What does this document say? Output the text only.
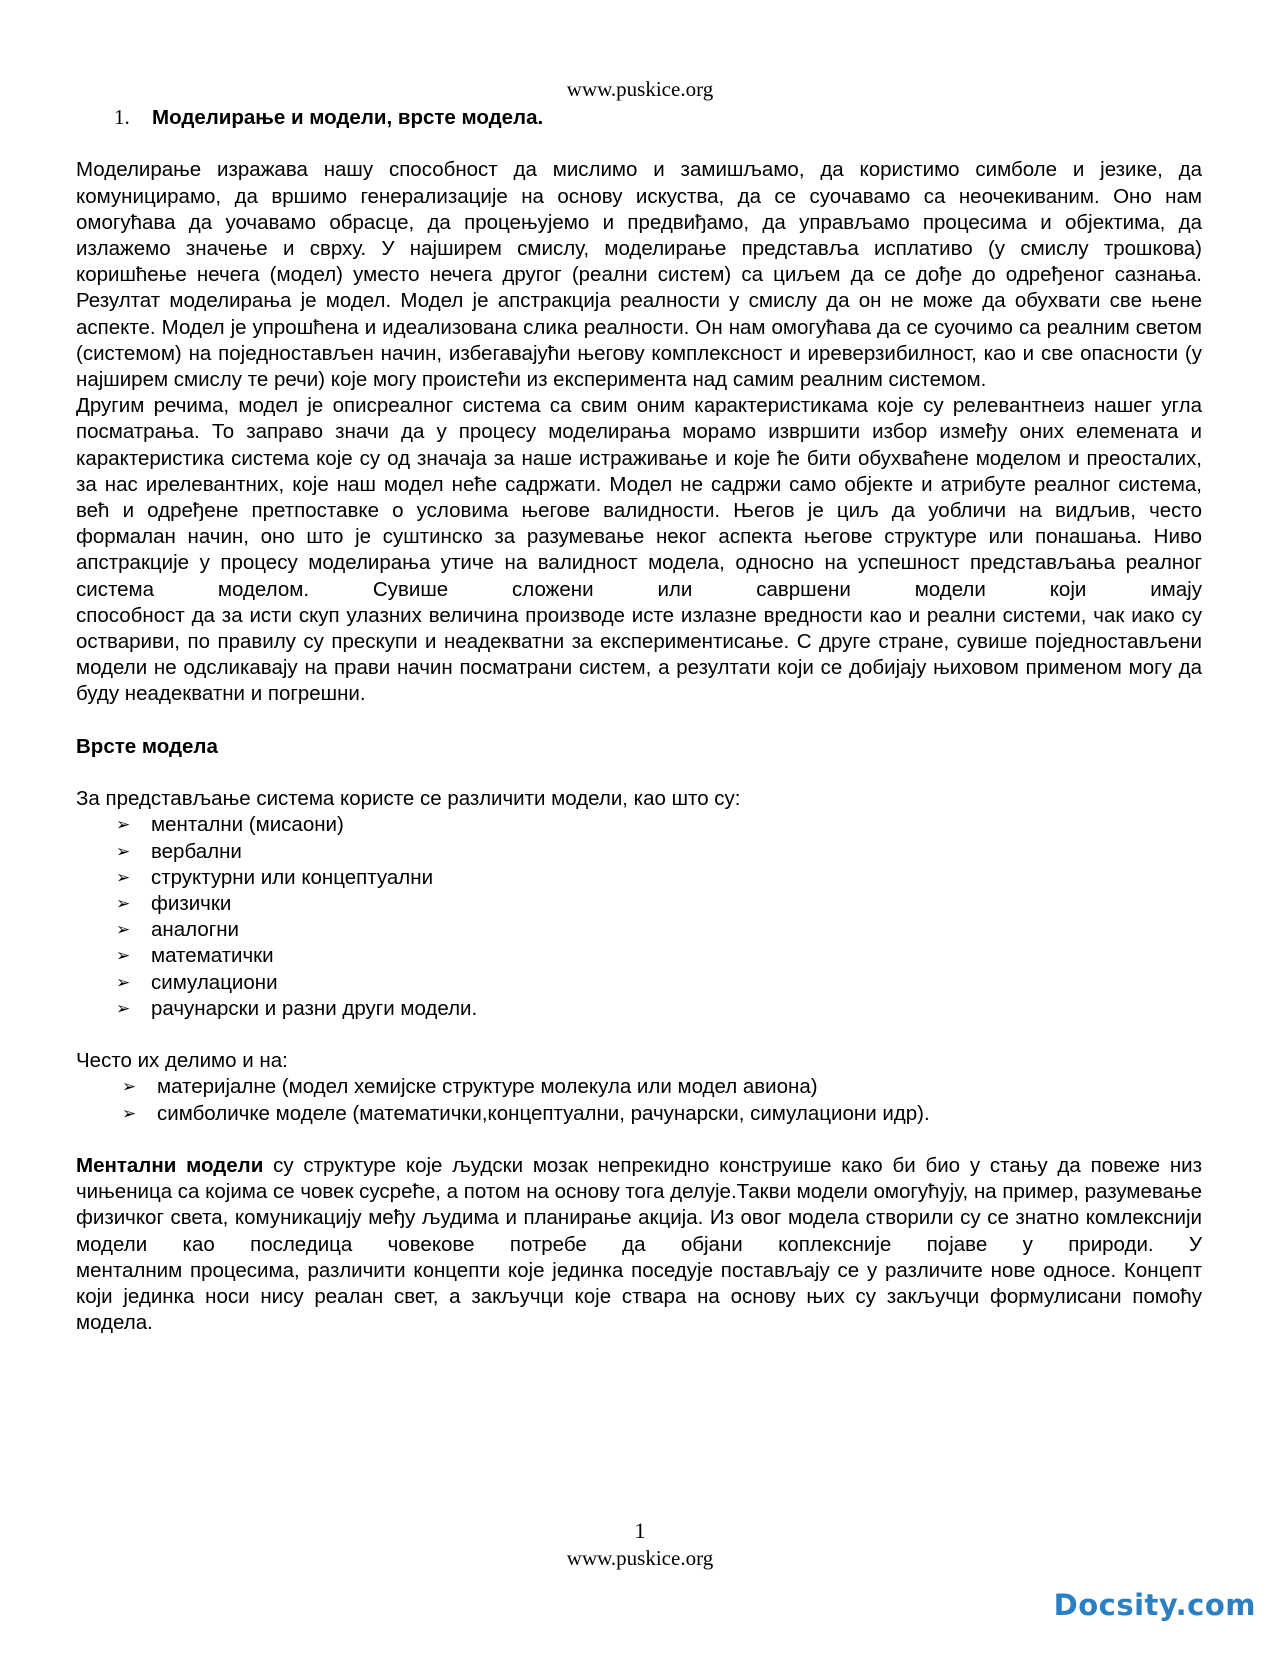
www.puskice.org
1.	Моделирање и модели, врсте модела.

Моделирање изражава нашу способност да мислимо и замишљамо, да користимо симболе и језике, да комуницирамо, да вршимо генерализације на основу искуства, да се суочавамо са неочекиваним. Оно нам омогућава да уочавамо обрасце, да процењујемо и предвиђамо, да управљамо процесима и објектима, да излажемо значење и сврху. У најширем смислу, моделирање представља исплативо (у смислу трошкова) коришћење нечега (модел) уместо нечега другог (реални систем) са циљем да се дође до одређеног сазнања. Резултат моделирања је модел. Модел је апстракција реалности у смислу да он не може да обухвати све њене аспекте. Модел је упрошћена и идеализована слика реалности. Он нам омогућава да се суочимо са реалним светом (системом) на поједностављен начин, избегавајући његову комплексност и иреверзибилност, као и све опасности (у најширем смислу те речи) које могу проистећи из експеримента над самим реалним системом.

Другим речима, модел је описреалног система са свим оним карактеристикама које су релевантнеиз нашег угла посматрања. То заправо значи да у процесу моделирања морамо извршити избор између оних елемената и карактеристика система које су од значаја за наше истраживање и које ће бити обухваћене моделом и преосталих, за нас ирелевантних, које наш модел неће садржати. Модел не садржи само објекте и атрибуте реалног система, већ и одређене претпоставке о условима његове валидности. Његов је циљ да уобличи на видљив, често

формалан начин, оно што је суштинско за разумевање неког аспекта његове структуре или понашања. Ниво апстракције у процесу моделирања утиче на валидност модела, односно на успешност представљања реалног система моделом. Сувише сложени или савршени модели који имају

способност да за исти скуп улазних величина производе исте излазне вредности као и реални системи, чак иако су оствариви, по правилу су прескупи и неадекватни за експериментисање. С друге стране, сувише поједностављени модели не одсликавају на прави начин посматрани систем, а резултати који се добијају њиховом применом могу да буду неадекватни и погрешни.

Врсте модела

За представљање система користе се различити модели, као што су:

➢ ментални (мисаони)
➢ вербални
➢ структурни или концептуални
➢ физички
➢ аналогни
➢ математички
➢ симулациони
➢ рачунарски и разни други модели.

Често их делимо и на:

➢ материјалне (модел хемијске структуре молекула или модел авиона)
➢ симболичке моделе (математички,концептуални, рачунарски, симулациони идр).

Ментални модели су структуре које људски мозак непрекидно конструише како би био у стању да повеже низ чињеница са којима се човек сусреће, а потом на основу тога делује.Такви модели омогућују, на пример, разумевање физичког света, комуникацију међу људима и планирање акција. Из овог модела створили су се знатно комлекснији модели као последица човекове потребе да објани коплексније појаве у природи. У

менталним процесима, различити концепти које јединка поседује постављају се у различите нове односе. Концепт који јединка носи нису реалан свет, а закључци које ствара на основу њих су закључци формулисани помоћу модела.

1
www.puskice.org
Docsity.com
